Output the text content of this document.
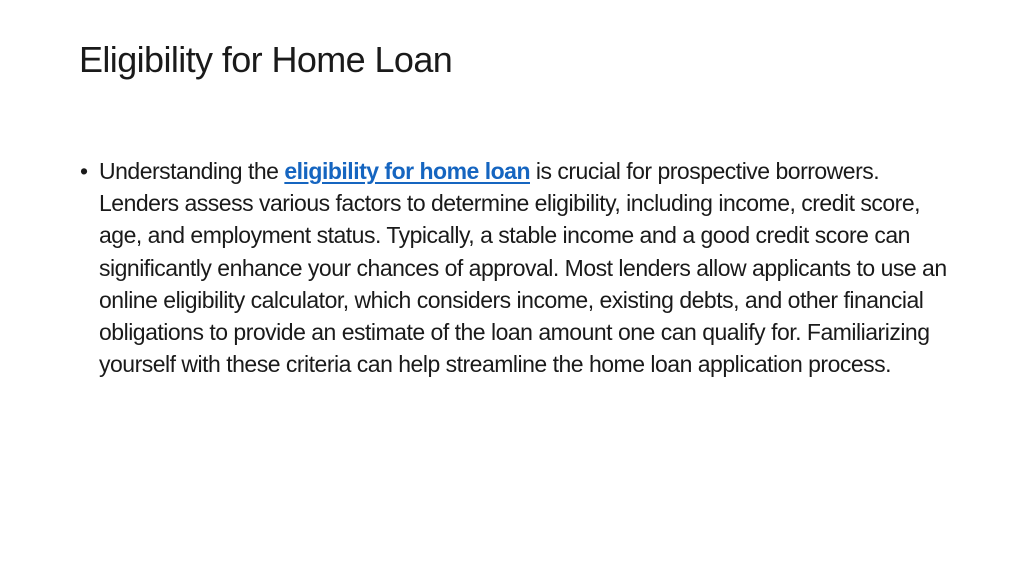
Eligibility for Home Loan
• Understanding the eligibility for home loan is crucial for prospective borrowers. Lenders assess various factors to determine eligibility, including income, credit score, age, and employment status. Typically, a stable income and a good credit score can significantly enhance your chances of approval. Most lenders allow applicants to use an online eligibility calculator, which considers income, existing debts, and other financial obligations to provide an estimate of the loan amount one can qualify for. Familiarizing yourself with these criteria can help streamline the home loan application process.
